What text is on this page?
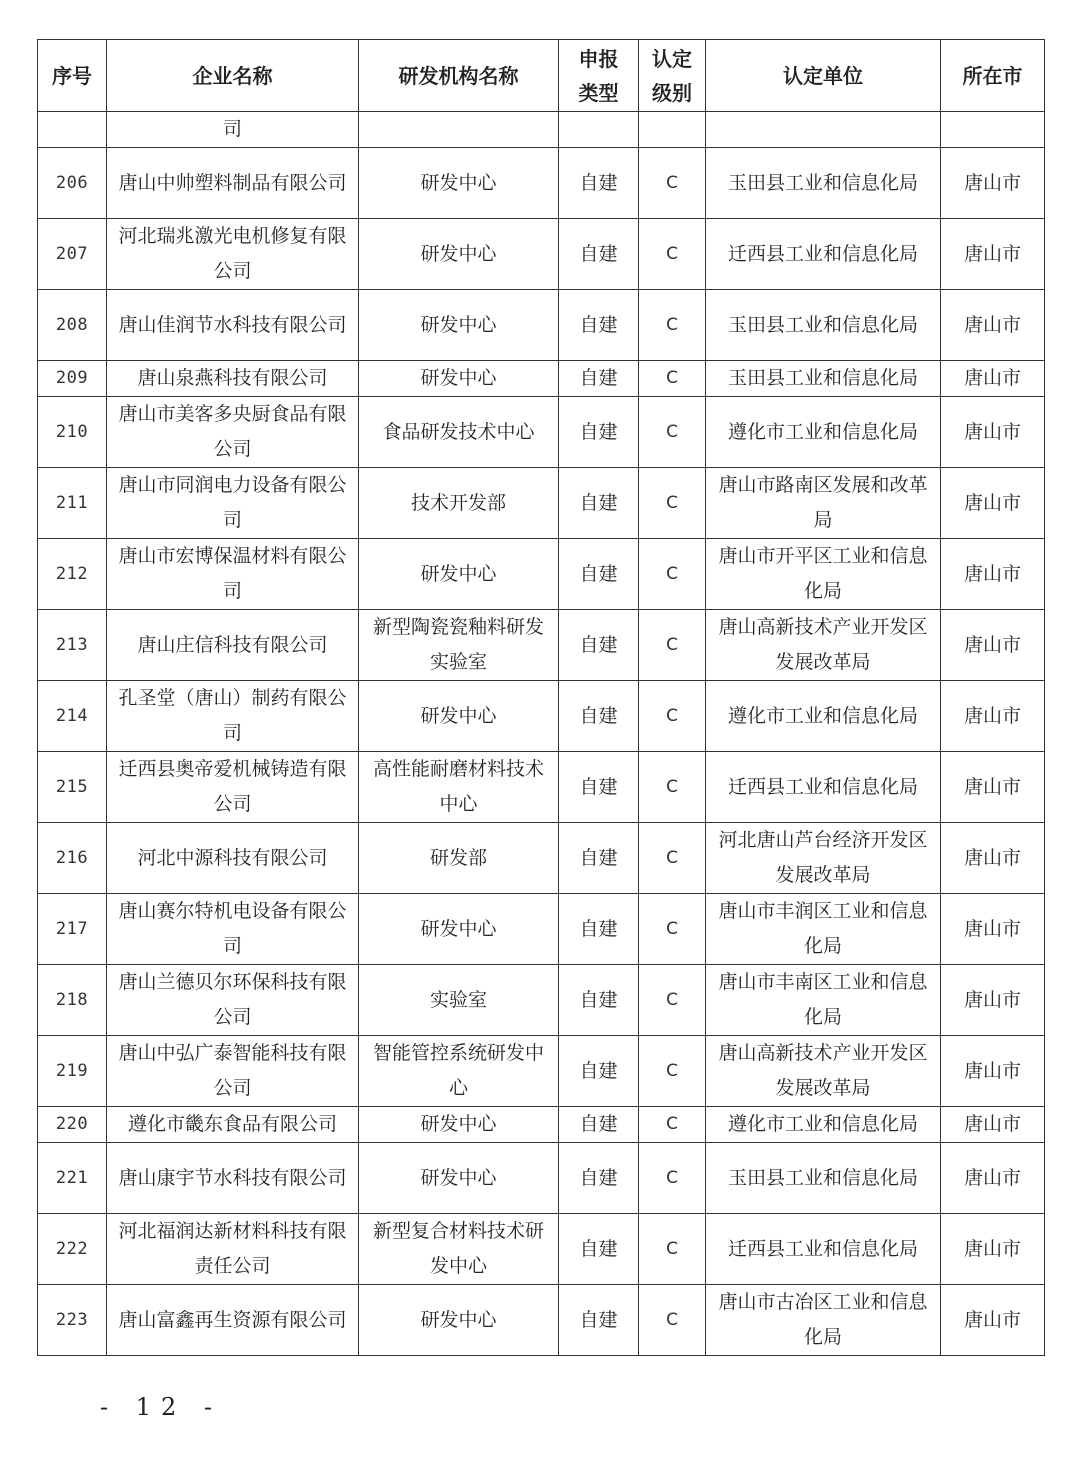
序号	企业名称	研发机构名称	申报类型	认定级别	认定单位	所在市
	司					
206	唐山中帅塑料制品有限公司	研发中心	自建	C	玉田县工业和信息化局	唐山市
207	河北瑞兆激光电机修复有限公司	研发中心	自建	C	迁西县工业和信息化局	唐山市
208	唐山佳润节水科技有限公司	研发中心	自建	C	玉田县工业和信息化局	唐山市
209	唐山泉燕科技有限公司	研发中心	自建	C	玉田县工业和信息化局	唐山市
210	唐山市美客多央厨食品有限公司	食品研发技术中心	自建	C	遵化市工业和信息化局	唐山市
211	唐山市同润电力设备有限公司	技术开发部	自建	C	唐山市路南区发展和改革局	唐山市
212	唐山市宏博保温材料有限公司	研发中心	自建	C	唐山市开平区工业和信息化局	唐山市
213	唐山庄信科技有限公司	新型陶瓷瓷釉料研发实验室	自建	C	唐山高新技术产业开发区发展改革局	唐山市
214	孔圣堂（唐山）制药有限公司	研发中心	自建	C	遵化市工业和信息化局	唐山市
215	迁西县奥帝爱机械铸造有限公司	高性能耐磨材料技术中心	自建	C	迁西县工业和信息化局	唐山市
216	河北中源科技有限公司	研发部	自建	C	河北唐山芦台经济开发区发展改革局	唐山市
217	唐山赛尔特机电设备有限公司	研发中心	自建	C	唐山市丰润区工业和信息化局	唐山市
218	唐山兰德贝尔环保科技有限公司	实验室	自建	C	唐山市丰南区工业和信息化局	唐山市
219	唐山中弘广泰智能科技有限公司	智能管控系统研发中心	自建	C	唐山高新技术产业开发区发展改革局	唐山市
220	遵化市畿东食品有限公司	研发中心	自建	C	遵化市工业和信息化局	唐山市
221	唐山康宇节水科技有限公司	研发中心	自建	C	玉田县工业和信息化局	唐山市
222	河北福润达新材料科技有限责任公司	新型复合材料技术研发中心	自建	C	迁西县工业和信息化局	唐山市
223	唐山富鑫再生资源有限公司	研发中心	自建	C	唐山市古冶区工业和信息化局	唐山市
- 12 -
